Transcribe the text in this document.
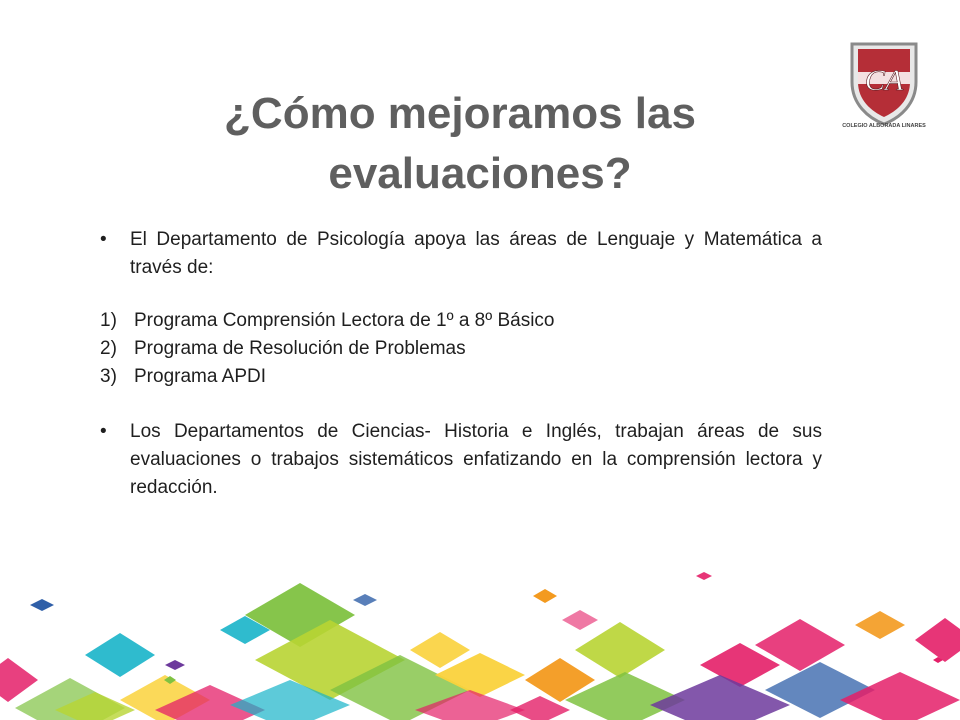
CA
COLEGIO ALBORADA LINARES
¿Cómo mejoramos las
evaluaciones?
• El Departamento de Psicología apoya las áreas de Lenguaje y Matemática a través de:
1) Programa Comprensión Lectora de 1º a 8º Básico
2) Programa de Resolución de Problemas
3) Programa APDI
• Los Departamentos de Ciencias- Historia e Inglés, trabajan áreas de sus evaluaciones o trabajos sistemáticos enfatizando en la comprensión lectora y redacción.
